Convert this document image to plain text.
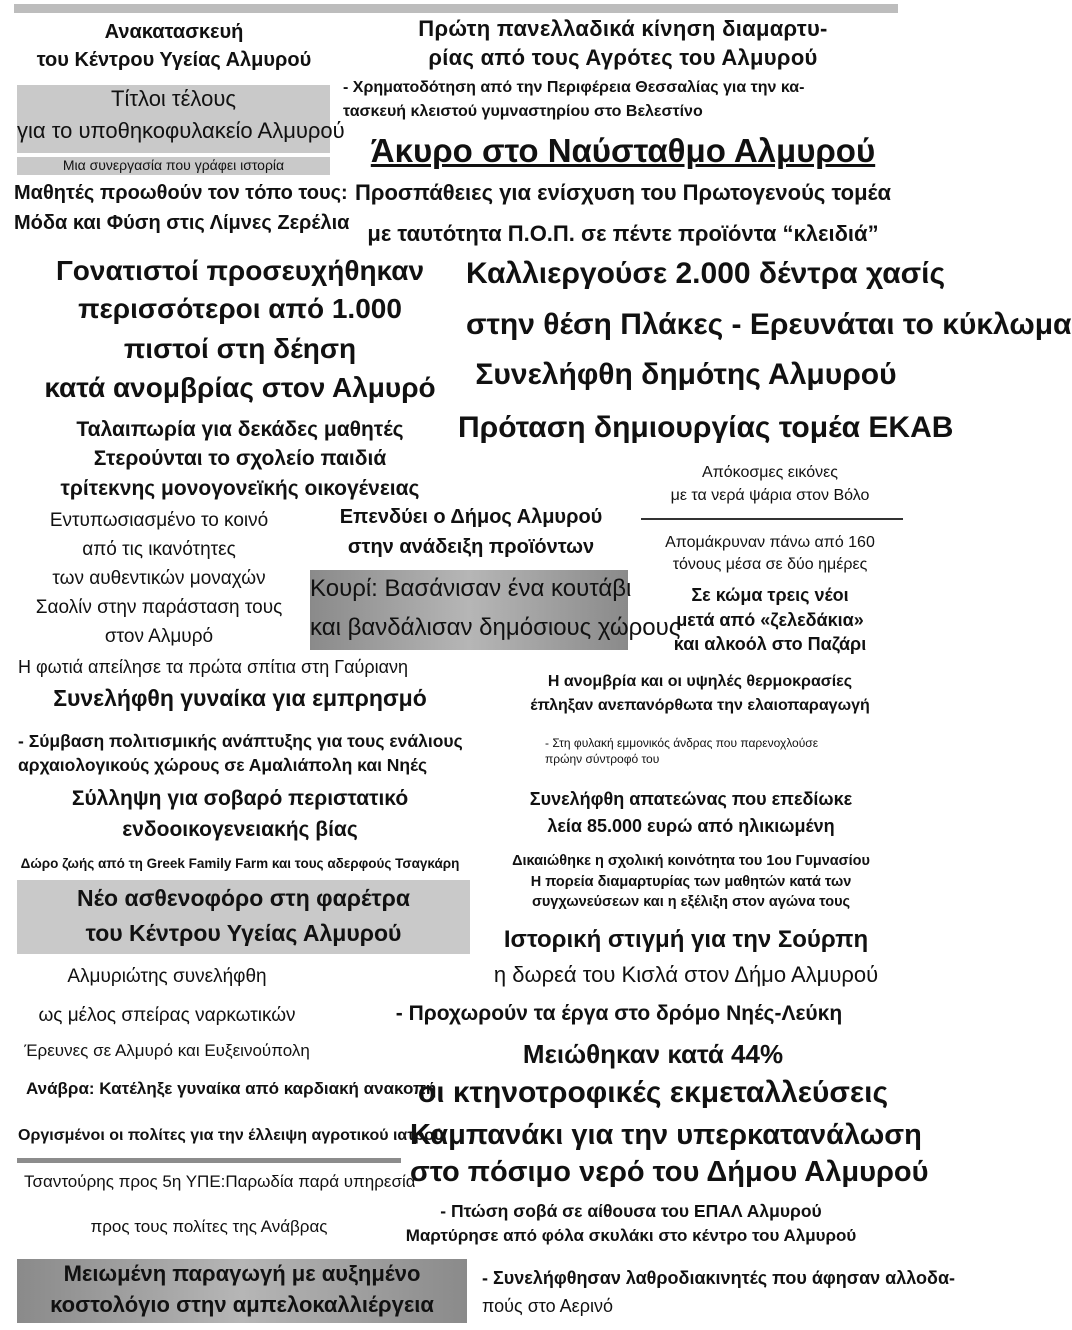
Ανακατασκευή

του Κέντρου Υγείας Αλμυρού

Τίτλοι τέλους

για το υποθηκοφυλακείο Αλμυρού

Μια συνεργασία που γράφει ιστορία

Μαθητές προωθούν τον τόπο τους:

Μόδα και Φύση στις Λίμνες Ζερέλια

Γονατιστοί προσευχήθηκαν

περισσότεροι από 1.000

πιστοί στη δέηση

κατά ανομβρίας στον Αλμυρό

Ταλαιπωρία για δεκάδες μαθητές

Στερούνται το σχολείο παιδιά

τρίτεκνης μονογονεϊκής οικογένειας

Εντυπωσιασμένο το κοινό

από τις ικανότητες

των αυθεντικών μοναχών

Σαολίν στην παράσταση τους

στον Αλμυρό

Η φωτιά απείλησε τα πρώτα σπίτια στη Γαύριανη

Συνελήφθη γυναίκα για εμπρησμό

- Σύμβαση πολιτισμικής ανάπτυξης για τους ενάλιους

αρχαιολογικούς χώρους σε Αμαλιάπολη και Νηές

Σύλληψη για σοβαρό περιστατικό

ενδοοικογενειακής βίας

Δώρο ζωής από τη Greek Family Farm και τους αδερφούς Τσαγκάρη

Νέο ασθενοφόρο στη φαρέτρα

του Κέντρου Υγείας Αλμυρού

Αλμυριώτης συνελήφθη

ως μέλος σπείρας ναρκωτικών

Έρευνες σε Αλμυρό και Ευξεινούπολη

Ανάβρα: Κατέληξε γυναίκα από καρδιακή ανακοπή

Οργισμένοι οι πολίτες για την έλλειψη αγροτικού ιατρού

Τσαντούρης προς 5η ΥΠΕ:Παρωδία παρά υπηρεσία

προς τους πολίτες της Ανάβρας

Μειωμένη παραγωγή με αυξημένο

κοστολόγιο στην αμπελοκαλλιέργεια

Επενδύει ο Δήμος Αλμυρού

στην ανάδειξη προϊόντων

Κουρί: Βασάνισαν ένα κουτάβι

και βανδάλισαν δημόσιους χώρους

Πρώτη πανελλαδικά κίνηση διαμαρτυ-

ρίας από τους Αγρότες του Αλμυρού

- Χρηματοδότηση από την Περιφέρεια Θεσσαλίας για την κα-

τασκευή κλειστού γυμναστηρίου στο Βελεστίνο

Άκυρο στο Ναύσταθμο Αλμυρού

Προσπάθειες για ενίσχυση του Πρωτογενούς τομέα

με ταυτότητα Π.Ο.Π. σε πέντε προϊόντα “κλειδιά”

Καλλιεργούσε 2.000 δέντρα χασίς

στην θέση Πλάκες - Ερευνάται το κύκλωμα

Συνελήφθη δημότης Αλμυρού

Πρόταση δημιουργίας τομέα ΕΚΑΒ

Απόκοσμες εικόνες

με τα νερά ψάρια στον Βόλο

Απομάκρυναν πάνω από 160

τόνους μέσα σε δύο ημέρες

Σε κώμα τρεις νέοι

μετά από «ζελεδάκια»

και αλκοόλ στο Παζάρι

Η ανομβρία και οι υψηλές θερμοκρασίες

έπληξαν ανεπανόρθωτα την ελαιοπαραγωγή

- Στη φυλακή εμμονικός άνδρας που παρενοχλούσε

πρώην σύντροφό του

Συνελήφθη απατεώνας που επεδίωκε

λεία 85.000 ευρώ από ηλικιωμένη

Δικαιώθηκε η σχολική κοινότητα του 1ου Γυμνασίου

Η πορεία διαμαρτυρίας των μαθητών κατά των

συγχωνεύσεων και η εξέλιξη στον αγώνα τους

Ιστορική στιγμή για την Σούρπη

η δωρεά του Κισλά στον Δήμο Αλμυρού

- Προχωρούν τα έργα στο δρόμο Νηές-Λεύκη

Μειώθηκαν κατά 44%

οι κτηνοτροφικές εκμεταλλεύσεις

Καμπανάκι για την υπερκατανάλωση

στο πόσιμο νερό του Δήμου Αλμυρού

- Πτώση σοβά σε αίθουσα του ΕΠΑΛ Αλμυρού

Μαρτύρησε από φόλα σκυλάκι στο κέντρο του Αλμυρού

- Συνελήφθησαν λαθροδιακινητές που άφησαν αλλοδα-

πούς στο Αερινό
